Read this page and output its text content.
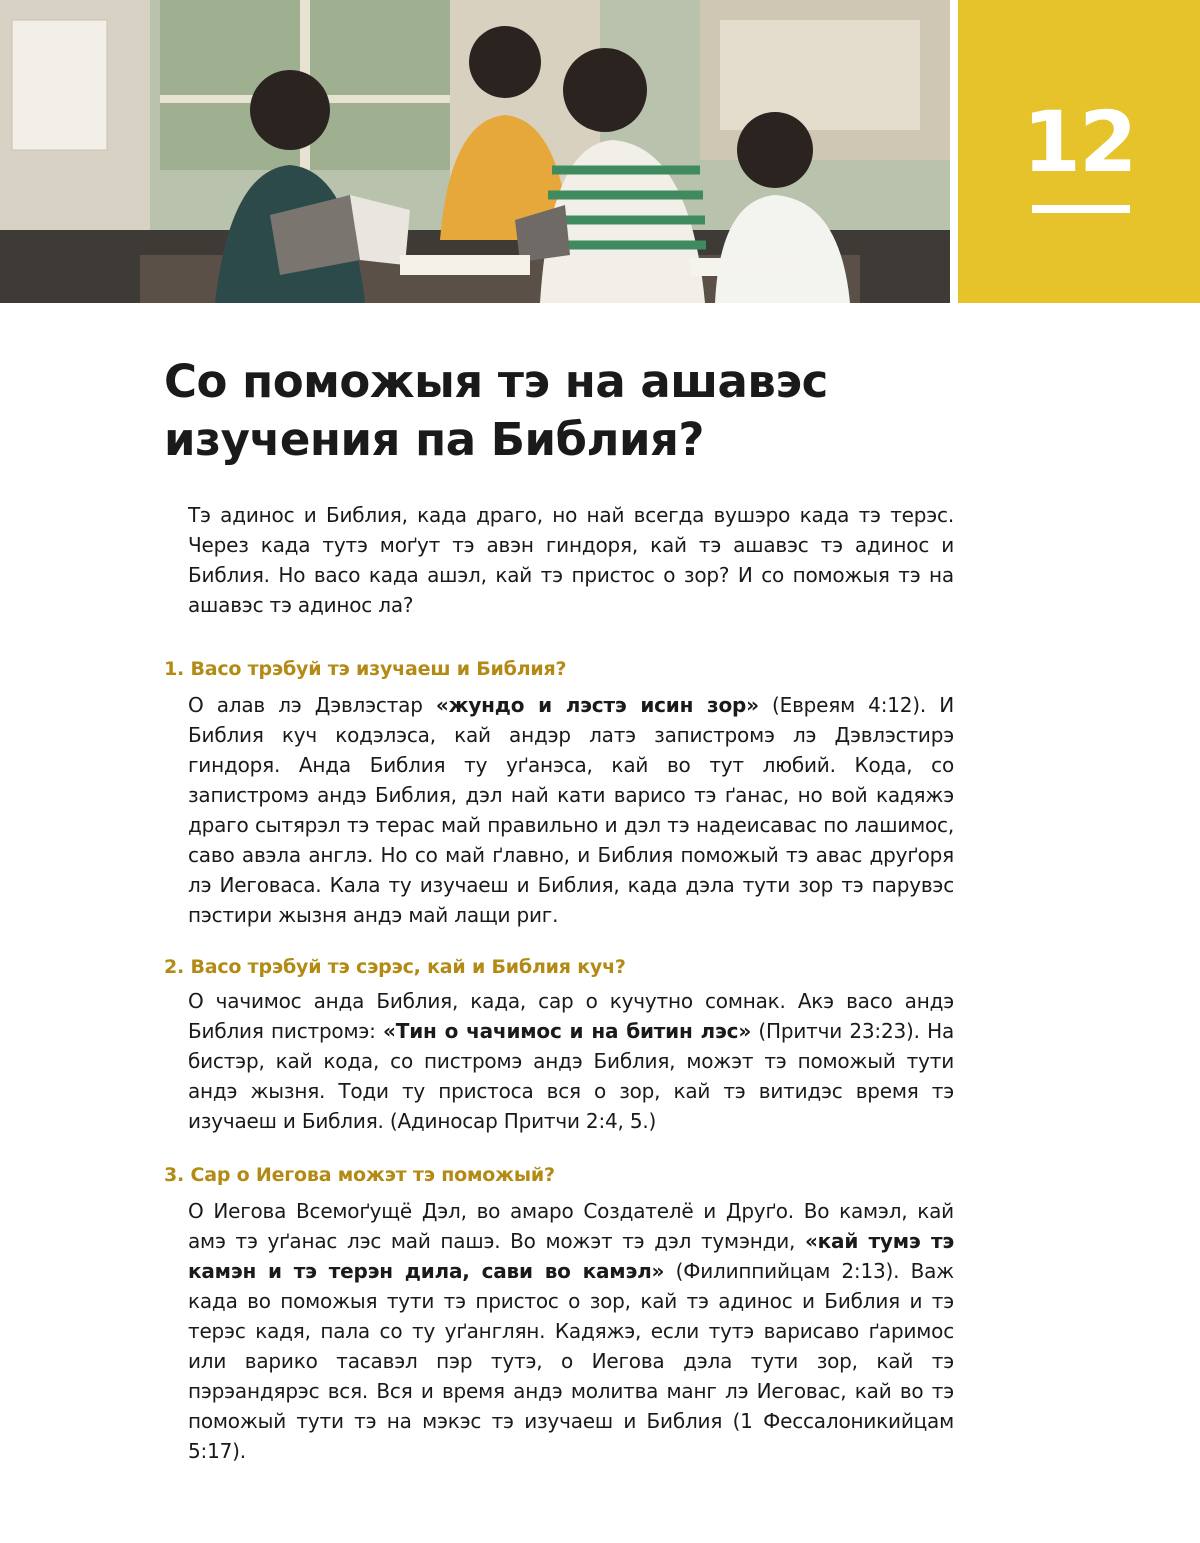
12
Со поможыя тэ на ашавэс изучения па Библия?

Тэ адинос и Библия, када драго, но най всегда вушэро када тэ терэс. Через када тутэ моґут тэ авэн гиндоря, кай тэ ашавэс тэ адинос и Библия. Но васо када ашэл, кай тэ пристос о зор? И со поможыя тэ на ашавэс тэ адинос ла?

1. Васо трэбуй тэ изучаеш и Библия?

О алав лэ Дэвлэстар «жундо и лэстэ исин зор» (Евреям 4:12). И Библия куч кодэлэса, кай андэр латэ запистромэ лэ Дэвлэстирэ гиндоря. Анда Библия ту уґанэса, кай во тут любий. Кода, со запистромэ андэ Библия, дэл най кати варисо тэ ґанас, но вой кадяжэ драго сытярэл тэ терас май правильно и дэл тэ надеисавас по лашимос, саво авэла англэ. Но со май ґлавно, и Библия поможый тэ авас друґоря лэ Иеговаса. Кала ту изучаеш и Библия, када дэла тути зор тэ парувэс пэстири жызня андэ май лащи риг.

2. Васо трэбуй тэ сэрэс, кай и Библия куч?

О чачимос анда Библия, када, сар о кучутно сомнак. Акэ васо андэ Библия пистромэ: «Тин о чачимос и на битин лэс» (Притчи 23:23). На бистэр, кай кода, со пистромэ андэ Библия, можэт тэ поможый тути андэ жызня. Тоди ту пристоса вся о зор, кай тэ витидэс время тэ изучаеш и Библия. (Адиносар Притчи 2:4, 5.)

3. Сар о Иегова можэт тэ поможый?

О Иегова Всемоґущё Дэл, во амаро Создателё и Друґо. Во камэл, кай амэ тэ уґанас лэс май пашэ. Во можэт тэ дэл тумэнди, «кай тумэ тэ камэн и тэ терэн дила, сави во камэл» (Филиппийцам 2:13). Важ када во поможыя тути тэ пристос о зор, кай тэ адинос и Библия и тэ терэс кадя, пала со ту уґанглян. Кадяжэ, если тутэ варисаво ґаримос или варико тасавэл пэр тутэ, о Иегова дэла тути зор, кай тэ пэрэандярэс вся. Вся и время андэ молитва манг лэ Иеговас, кай во тэ поможый тути тэ на мэкэс тэ изучаеш и Библия (1 Фессалоникийцам 5:17).
